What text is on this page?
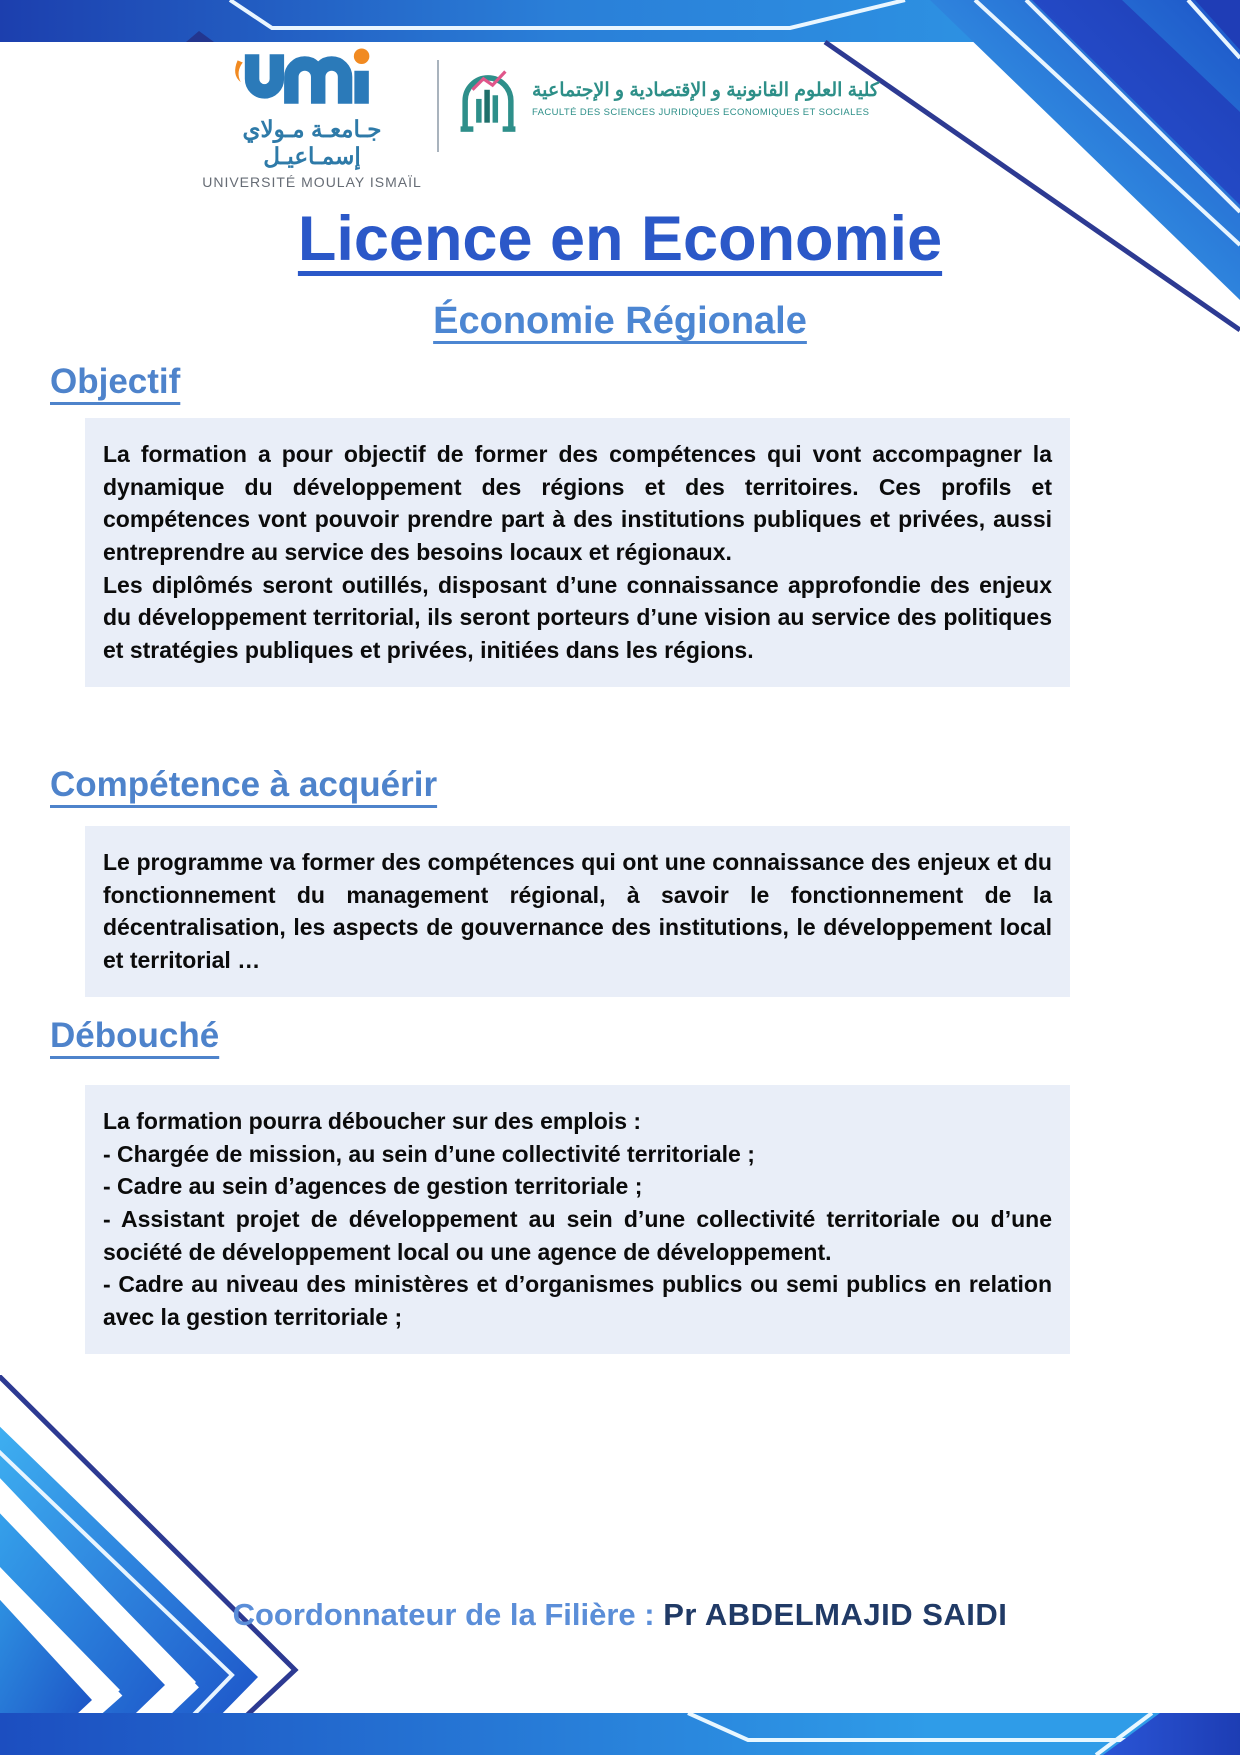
جـامعـة مـولاي إسمـاعيـل
UNIVERSITÉ MOULAY ISMAÏL
كلية العلوم القانونية و الإقتصادية و الإجتماعية
FACULTÉ DES SCIENCES JURIDIQUES ECONOMIQUES ET SOCIALES
Licence en Economie
Économie Régionale
Objectif

La formation a pour objectif de former des compétences qui vont accompagner la dynamique du développement des régions et des territoires. Ces profils et compétences vont pouvoir prendre part à des institutions publiques et privées, aussi entreprendre au service des besoins locaux et régionaux.

Les diplômés seront outillés, disposant d’une connaissance approfondie des enjeux du développement territorial, ils seront porteurs d’une vision au service des politiques et stratégies publiques et privées, initiées dans les régions.

Compétence à acquérir

Le programme va former des compétences qui ont une connaissance des enjeux et du fonctionnement du management régional, à savoir le fonctionnement de la décentralisation, les aspects de gouvernance des institutions, le développement local et territorial …

Débouché

La formation pourra déboucher sur des emplois :

- Chargée de mission, au sein d’une collectivité territoriale ;

- Cadre au sein d’agences de gestion territoriale ;

- Assistant projet de développement au sein d’une collectivité territoriale ou d’une société de développement local ou une agence de développement.

- Cadre au niveau des ministères et d’organismes publics ou semi publics en relation avec la gestion territoriale ;

Coordonnateur de la Filière : Pr ABDELMAJID SAIDI
